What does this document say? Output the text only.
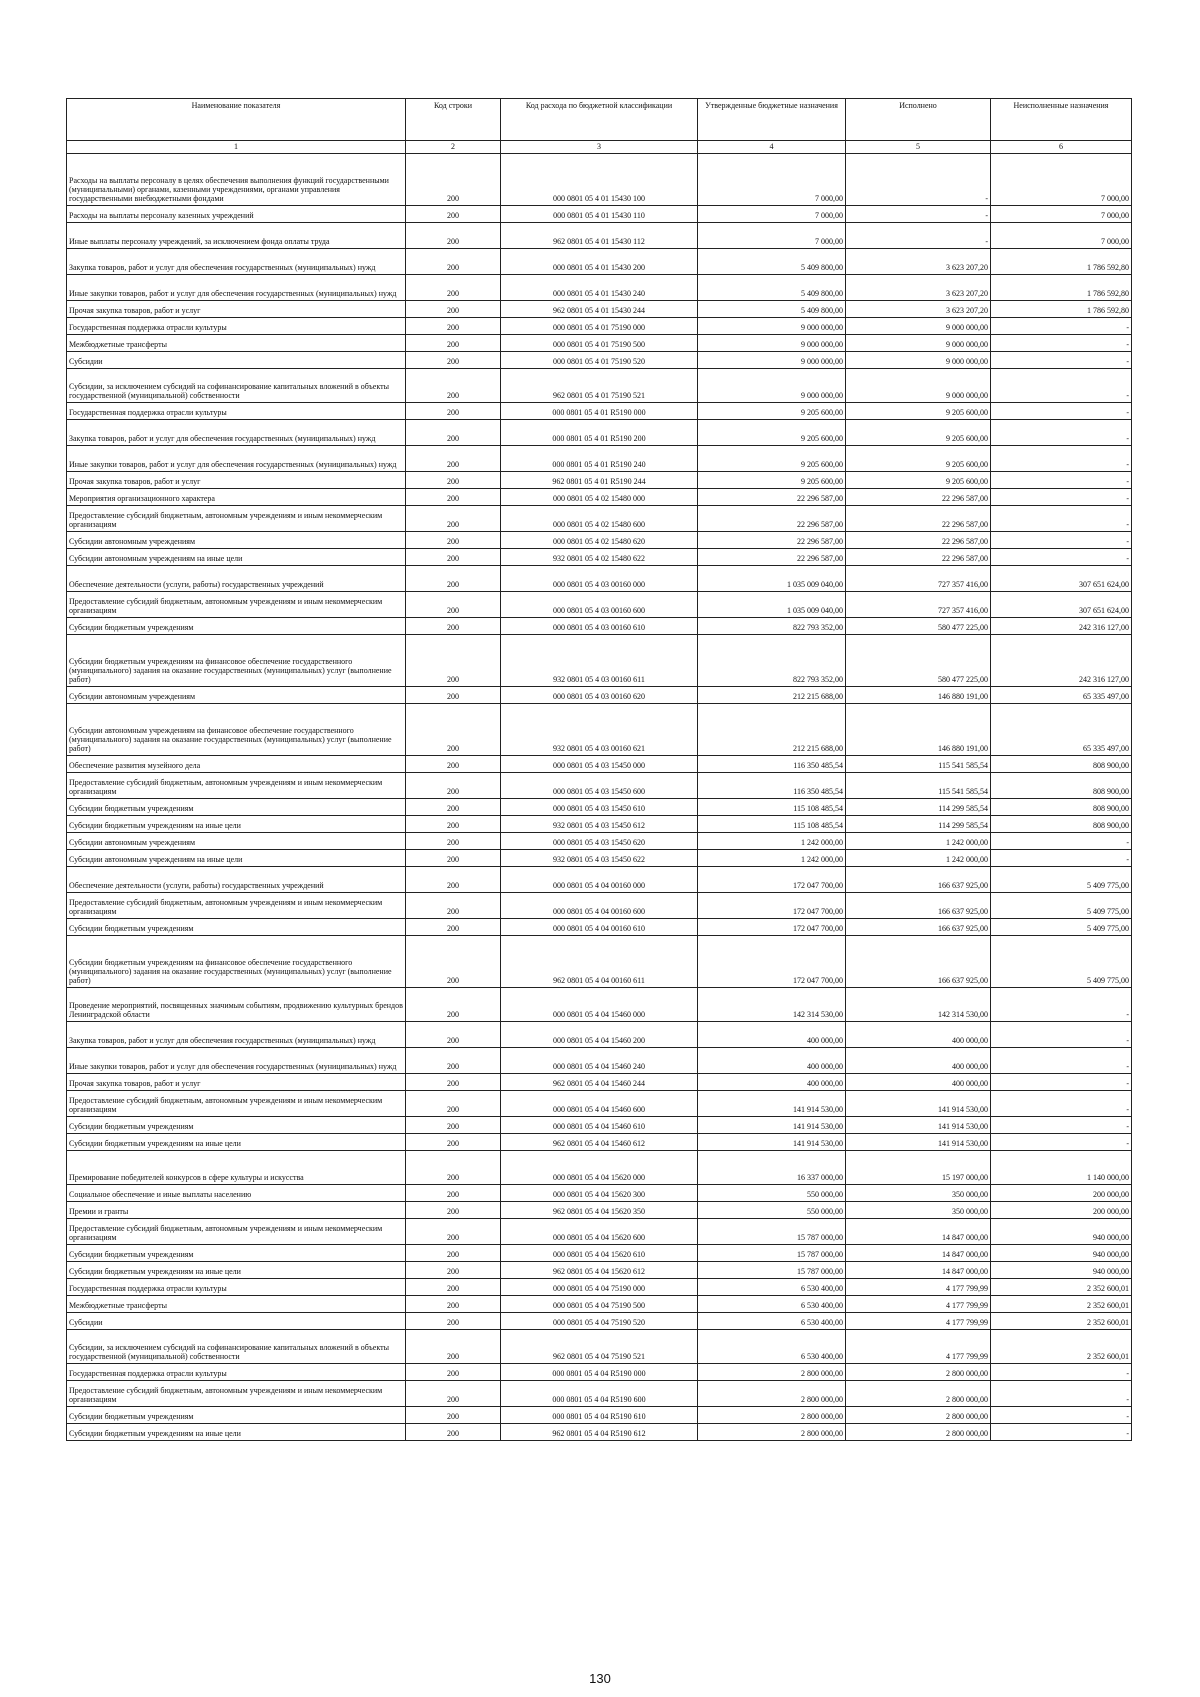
Наименование показателя	Код строки	Код расхода по бюджетной классификации	Утвержденные бюджетные назначения	Исполнено	Неисполненные назначения
1	2	3	4	5	6
Расходы на выплаты персоналу в целях обеспечения выполнения функций государственными (муниципальными) органами, казенными учреждениями, органами управления государственными внебюджетными фондами	200	000 0801 05 4 01 15430 100	7 000,00	-	7 000,00
Расходы на выплаты персоналу казенных учреждений	200	000 0801 05 4 01 15430 110	7 000,00	-	7 000,00
Иные выплаты персоналу учреждений, за исключением фонда оплаты труда	200	962 0801 05 4 01 15430 112	7 000,00	-	7 000,00
Закупка товаров, работ и услуг для обеспечения государственных (муниципальных) нужд	200	000 0801 05 4 01 15430 200	5 409 800,00	3 623 207,20	1 786 592,80
Иные закупки товаров, работ и услуг для обеспечения государственных (муниципальных) нужд	200	000 0801 05 4 01 15430 240	5 409 800,00	3 623 207,20	1 786 592,80
Прочая закупка товаров, работ и услуг	200	962 0801 05 4 01 15430 244	5 409 800,00	3 623 207,20	1 786 592,80
Государственная поддержка отрасли культуры	200	000 0801 05 4 01 75190 000	9 000 000,00	9 000 000,00	-
Межбюджетные трансферты	200	000 0801 05 4 01 75190 500	9 000 000,00	9 000 000,00	-
Субсидии	200	000 0801 05 4 01 75190 520	9 000 000,00	9 000 000,00	-
Субсидии, за исключением субсидий на софинансирование капитальных вложений в объекты государственной (муниципальной) собственности	200	962 0801 05 4 01 75190 521	9 000 000,00	9 000 000,00	-
Государственная поддержка отрасли культуры	200	000 0801 05 4 01 R5190 000	9 205 600,00	9 205 600,00	-
Закупка товаров, работ и услуг для обеспечения государственных (муниципальных) нужд	200	000 0801 05 4 01 R5190 200	9 205 600,00	9 205 600,00	-
Иные закупки товаров, работ и услуг для обеспечения государственных (муниципальных) нужд	200	000 0801 05 4 01 R5190 240	9 205 600,00	9 205 600,00	-
Прочая закупка товаров, работ и услуг	200	962 0801 05 4 01 R5190 244	9 205 600,00	9 205 600,00	-
Мероприятия организационного характера	200	000 0801 05 4 02 15480 000	22 296 587,00	22 296 587,00	-
Предоставление субсидий бюджетным, автономным учреждениям и иным некоммерческим организациям	200	000 0801 05 4 02 15480 600	22 296 587,00	22 296 587,00	-
Субсидии автономным учреждениям	200	000 0801 05 4 02 15480 620	22 296 587,00	22 296 587,00	-
Субсидии автономным учреждениям на иные цели	200	932 0801 05 4 02 15480 622	22 296 587,00	22 296 587,00	-
Обеспечение деятельности (услуги, работы) государственных учреждений	200	000 0801 05 4 03 00160 000	1 035 009 040,00	727 357 416,00	307 651 624,00
Предоставление субсидий бюджетным, автономным учреждениям и иным некоммерческим организациям	200	000 0801 05 4 03 00160 600	1 035 009 040,00	727 357 416,00	307 651 624,00
Субсидии бюджетным учреждениям	200	000 0801 05 4 03 00160 610	822 793 352,00	580 477 225,00	242 316 127,00
Субсидии бюджетным учреждениям на финансовое обеспечение государственного (муниципального) задания на оказание государственных (муниципальных) услуг (выполнение работ)	200	932 0801 05 4 03 00160 611	822 793 352,00	580 477 225,00	242 316 127,00
Субсидии автономным учреждениям	200	000 0801 05 4 03 00160 620	212 215 688,00	146 880 191,00	65 335 497,00
Субсидии автономным учреждениям на финансовое обеспечение государственного (муниципального) задания на оказание государственных (муниципальных) услуг (выполнение работ)	200	932 0801 05 4 03 00160 621	212 215 688,00	146 880 191,00	65 335 497,00
Обеспечение развития музейного дела	200	000 0801 05 4 03 15450 000	116 350 485,54	115 541 585,54	808 900,00
Предоставление субсидий бюджетным, автономным учреждениям и иным некоммерческим организациям	200	000 0801 05 4 03 15450 600	116 350 485,54	115 541 585,54	808 900,00
Субсидии бюджетным учреждениям	200	000 0801 05 4 03 15450 610	115 108 485,54	114 299 585,54	808 900,00
Субсидии бюджетным учреждениям на иные цели	200	932 0801 05 4 03 15450 612	115 108 485,54	114 299 585,54	808 900,00
Субсидии автономным учреждениям	200	000 0801 05 4 03 15450 620	1 242 000,00	1 242 000,00	-
Субсидии автономным учреждениям на иные цели	200	932 0801 05 4 03 15450 622	1 242 000,00	1 242 000,00	-
Обеспечение деятельности (услуги, работы) государственных учреждений	200	000 0801 05 4 04 00160 000	172 047 700,00	166 637 925,00	5 409 775,00
Предоставление субсидий бюджетным, автономным учреждениям и иным некоммерческим организациям	200	000 0801 05 4 04 00160 600	172 047 700,00	166 637 925,00	5 409 775,00
Субсидии бюджетным учреждениям	200	000 0801 05 4 04 00160 610	172 047 700,00	166 637 925,00	5 409 775,00
Субсидии бюджетным учреждениям на финансовое обеспечение государственного (муниципального) задания на оказание государственных (муниципальных) услуг (выполнение работ)	200	962 0801 05 4 04 00160 611	172 047 700,00	166 637 925,00	5 409 775,00
Проведение мероприятий, посвященных значимым событиям, продвижению культурных брендов Ленинградской области	200	000 0801 05 4 04 15460 000	142 314 530,00	142 314 530,00	-
Закупка товаров, работ и услуг для обеспечения государственных (муниципальных) нужд	200	000 0801 05 4 04 15460 200	400 000,00	400 000,00	-
Иные закупки товаров, работ и услуг для обеспечения государственных (муниципальных) нужд	200	000 0801 05 4 04 15460 240	400 000,00	400 000,00	-
Прочая закупка товаров, работ и услуг	200	962 0801 05 4 04 15460 244	400 000,00	400 000,00	-
Предоставление субсидий бюджетным, автономным учреждениям и иным некоммерческим организациям	200	000 0801 05 4 04 15460 600	141 914 530,00	141 914 530,00	-
Субсидии бюджетным учреждениям	200	000 0801 05 4 04 15460 610	141 914 530,00	141 914 530,00	-
Субсидии бюджетным учреждениям на иные цели	200	962 0801 05 4 04 15460 612	141 914 530,00	141 914 530,00	-
Премирование победителей конкурсов в сфере культуры и искусства	200	000 0801 05 4 04 15620 000	16 337 000,00	15 197 000,00	1 140 000,00
Социальное обеспечение и иные выплаты населению	200	000 0801 05 4 04 15620 300	550 000,00	350 000,00	200 000,00
Премии и гранты	200	962 0801 05 4 04 15620 350	550 000,00	350 000,00	200 000,00
Предоставление субсидий бюджетным, автономным учреждениям и иным некоммерческим организациям	200	000 0801 05 4 04 15620 600	15 787 000,00	14 847 000,00	940 000,00
Субсидии бюджетным учреждениям	200	000 0801 05 4 04 15620 610	15 787 000,00	14 847 000,00	940 000,00
Субсидии бюджетным учреждениям на иные цели	200	962 0801 05 4 04 15620 612	15 787 000,00	14 847 000,00	940 000,00
Государственная поддержка отрасли культуры	200	000 0801 05 4 04 75190 000	6 530 400,00	4 177 799,99	2 352 600,01
Межбюджетные трансферты	200	000 0801 05 4 04 75190 500	6 530 400,00	4 177 799,99	2 352 600,01
Субсидии	200	000 0801 05 4 04 75190 520	6 530 400,00	4 177 799,99	2 352 600,01
Субсидии, за исключением субсидий на софинансирование капитальных вложений в объекты государственной (муниципальной) собственности	200	962 0801 05 4 04 75190 521	6 530 400,00	4 177 799,99	2 352 600,01
Государственная поддержка отрасли культуры	200	000 0801 05 4 04 R5190 000	2 800 000,00	2 800 000,00	-
Предоставление субсидий бюджетным, автономным учреждениям и иным некоммерческим организациям	200	000 0801 05 4 04 R5190 600	2 800 000,00	2 800 000,00	-
Субсидии бюджетным учреждениям	200	000 0801 05 4 04 R5190 610	2 800 000,00	2 800 000,00	-
Субсидии бюджетным учреждениям на иные цели	200	962 0801 05 4 04 R5190 612	2 800 000,00	2 800 000,00	-
130
